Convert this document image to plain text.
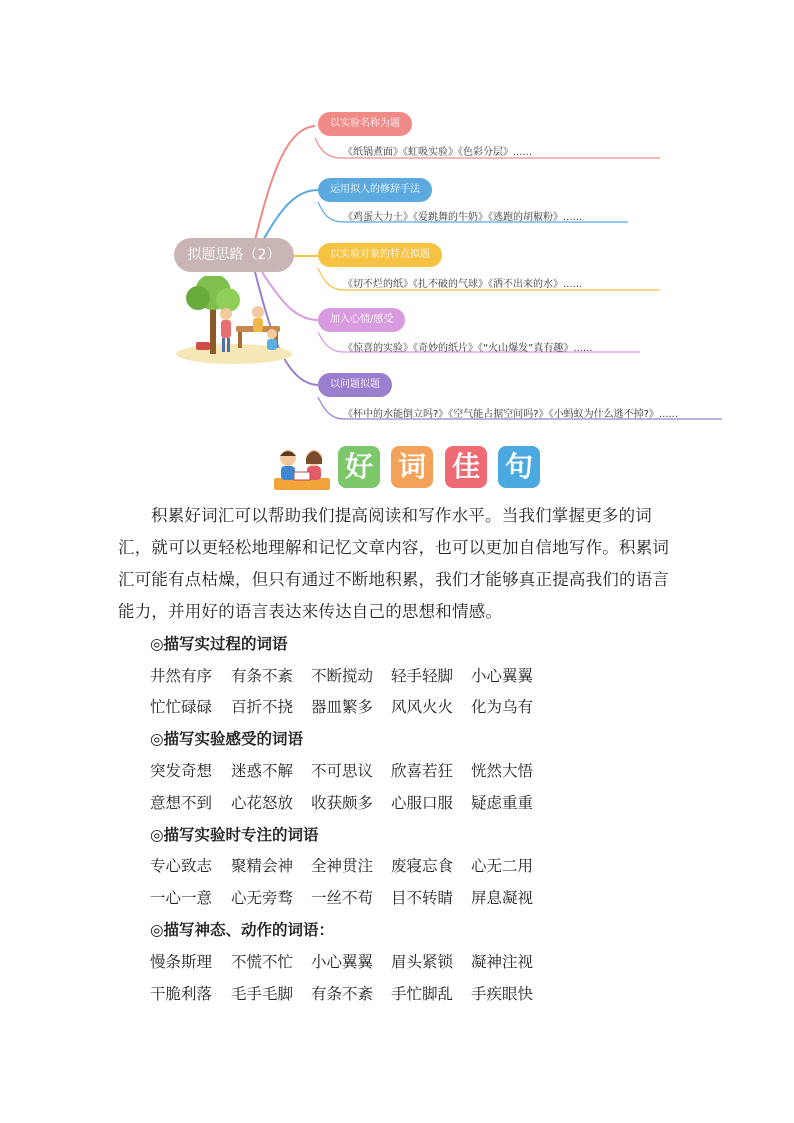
拟题思路（2）
以实验名称为题
《纸锅煮面》《虹吸实验》《色彩分层》......
运用拟人的修辞手法
《鸡蛋大力士》《爱跳舞的牛奶》《逃跑的胡椒粉》......
以实验对象的特点拟题
《切不烂的纸》《扎不破的气球》《洒不出来的水》......
加入心情/感受
《惊喜的实验》《奇妙的纸片》《“火山爆发”真有趣》......
以问题拟题
《杯中的水能倒立吗?》《空气能占据空间吗?》《小蚂蚁为什么逃不掉?》......
好 词 佳 句

积累好词汇可以帮助我们提高阅读和写作水平。当我们掌握更多的词汇，就可以更轻松地理解和记忆文章内容，也可以更加自信地写作。积累词汇可能有点枯燥，但只有通过不断地积累，我们才能够真正提高我们的语言能力，并用好的语言表达来传达自己的思想和情感。

◎描写实过程的词语
井然有序 有条不紊 不断搅动 轻手轻脚 小心翼翼
忙忙碌碌 百折不挠 器皿繁多 风风火火 化为乌有
◎描写实验感受的词语
突发奇想 迷惑不解 不可思议 欣喜若狂 恍然大悟
意想不到 心花怒放 收获颇多 心服口服 疑虑重重
◎描写实验时专注的词语
专心致志 聚精会神 全神贯注 废寝忘食 心无二用
一心一意 心无旁骛 一丝不苟 目不转睛 屏息凝视
◎描写神态、动作的词语：
慢条斯理 不慌不忙 小心翼翼 眉头紧锁 凝神注视
干脆利落 毛手毛脚 有条不紊 手忙脚乱 手疾眼快
